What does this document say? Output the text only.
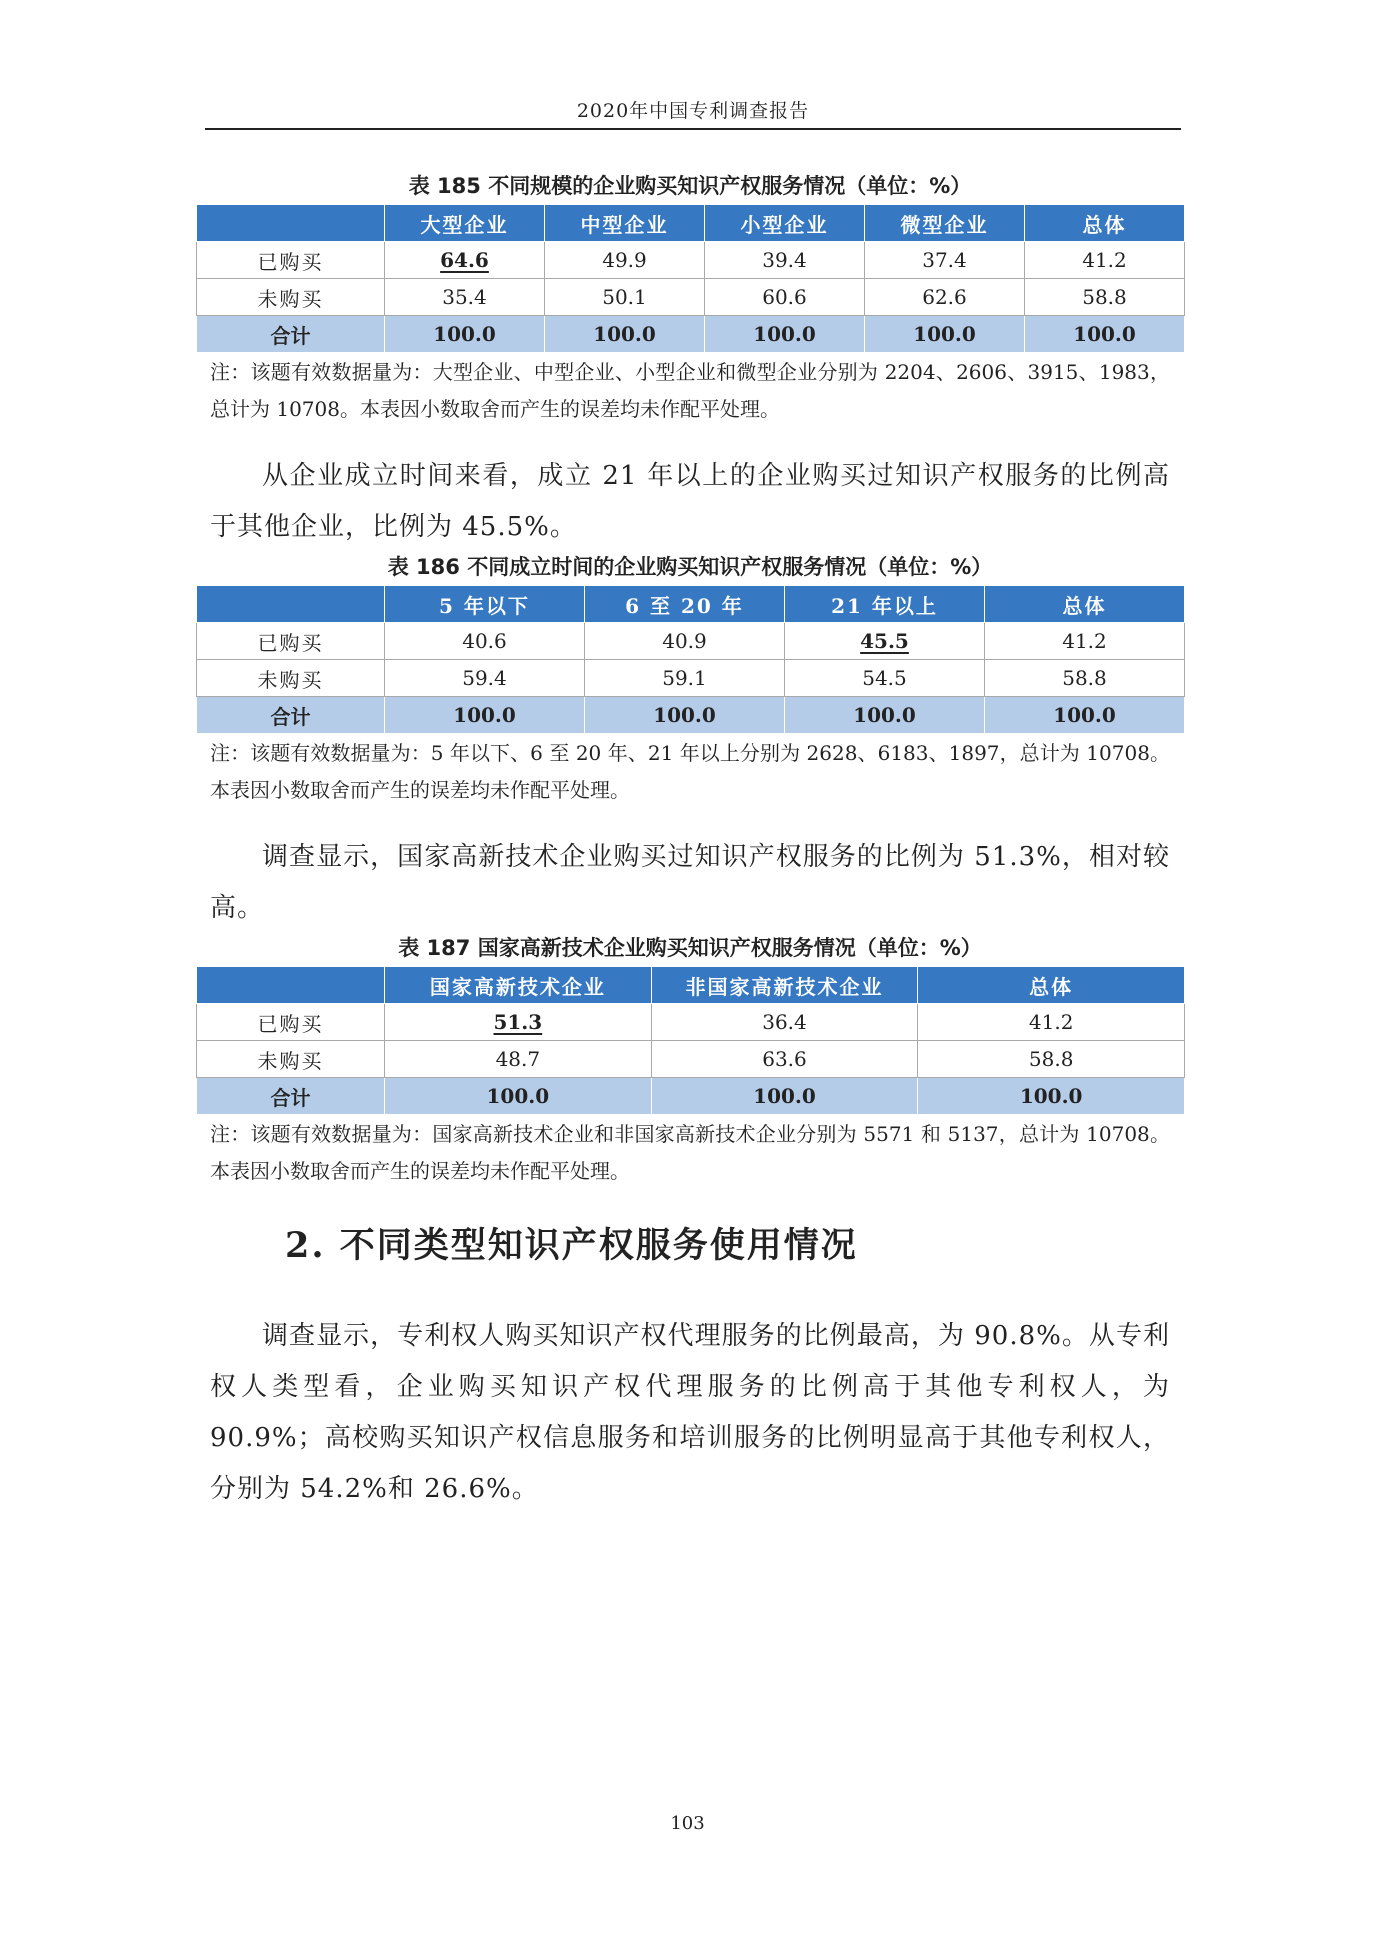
2020年中国专利调查报告
表 185 不同规模的企业购买知识产权服务情况（单位：%）
	大型企业	中型企业	小型企业	微型企业	总体
已购买	64.6	49.9	39.4	37.4	41.2
未购买	35.4	50.1	60.6	62.6	58.8
合计	100.0	100.0	100.0	100.0	100.0
注：该题有效数据量为：大型企业、中型企业、小型企业和微型企业分别为 2204、2606、3915、1983，总计为 10708。本表因小数取舍而产生的误差均未作配平处理。
从企业成立时间来看，成立 21 年以上的企业购买过知识产权服务的比例高于其他企业，比例为 45.5%。
表 186 不同成立时间的企业购买知识产权服务情况（单位：%）
	5 年以下	6 至 20 年	21 年以上	总体
已购买	40.6	40.9	45.5	41.2
未购买	59.4	59.1	54.5	58.8
合计	100.0	100.0	100.0	100.0
注：该题有效数据量为：5 年以下、6 至 20 年、21 年以上分别为 2628、6183、1897，总计为 10708。本表因小数取舍而产生的误差均未作配平处理。
调查显示，国家高新技术企业购买过知识产权服务的比例为 51.3%，相对较高。
表 187 国家高新技术企业购买知识产权服务情况（单位：%）
	国家高新技术企业	非国家高新技术企业	总体
已购买	51.3	36.4	41.2
未购买	48.7	63.6	58.8
合计	100.0	100.0	100.0
注：该题有效数据量为：国家高新技术企业和非国家高新技术企业分别为 5571 和 5137，总计为 10708。本表因小数取舍而产生的误差均未作配平处理。
2. 不同类型知识产权服务使用情况
调查显示，专利权人购买知识产权代理服务的比例最高，为 90.8%。从专利权人类型看，企业购买知识产权代理服务的比例高于其他专利权人，为 90.9%；高校购买知识产权信息服务和培训服务的比例明显高于其他专利权人，分别为 54.2%和 26.6%。
103
